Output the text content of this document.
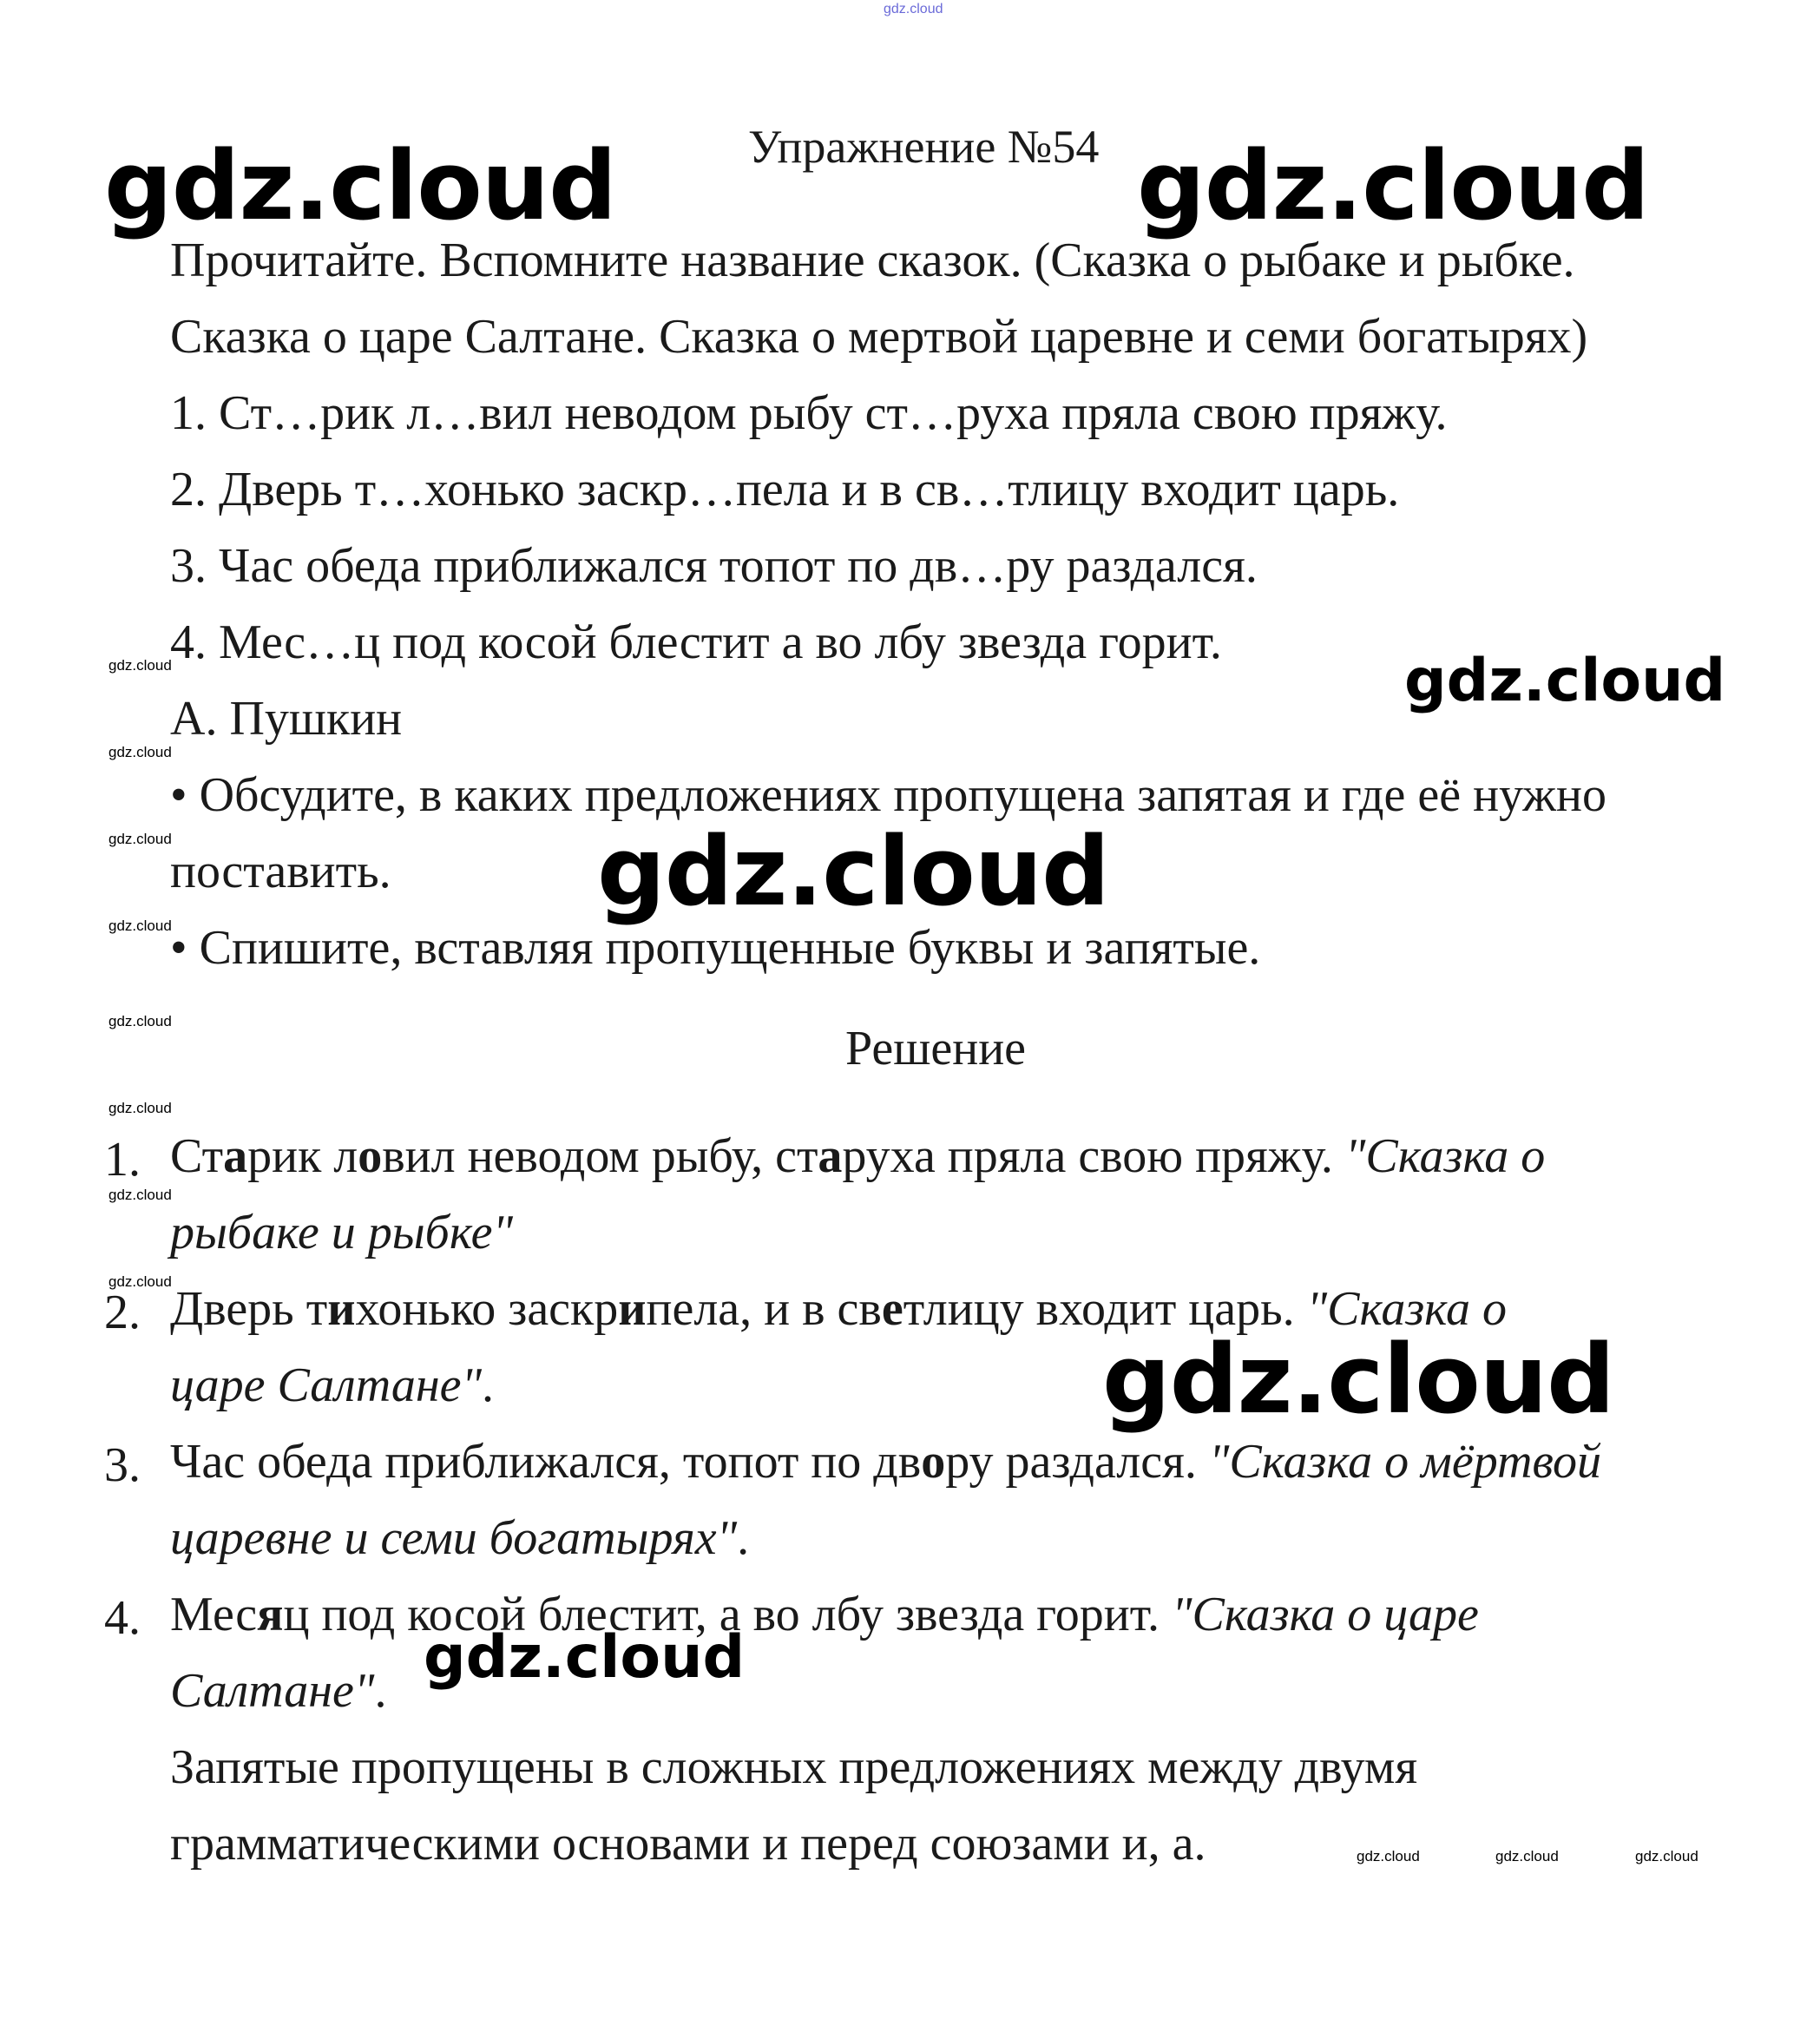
gdz.cloud
gdz.cloud	gdz.cloud
gdz.cloud
gdz.cloud
gdz.cloud
gdz.cloud
gdz.cloud
gdz.cloud
gdz.cloud
gdz.cloud
gdz.cloud
gdz.cloud
gdz.cloud
gdz.cloud
gdz.cloud	gdz.cloud	gdz.cloud
Упражнение №54
Прочитайте. Вспомните название сказок. (Сказка о рыбаке и рыбке.
Сказка о царе Салтане. Сказка о мертвой царевне и семи богатырях)
1. Ст…рик л…вил неводом рыбу ст…руха пряла свою пряжу.
2. Дверь т…хонько заскр…пела и в св…тлицу входит царь.
3. Час обеда приближался топот по дв…ру раздался.
4. Мес…ц под косой блестит а во лбу звезда горит.
А. Пушкин
• Обсудите, в каких предложениях пропущена запятая и где её нужно
поставить.
• Спишите, вставляя пропущенные буквы и запятые.
Решение
1. Старик ловил неводом рыбу, старуха пряла свою пряжу. "Сказка о
рыбаке и рыбке"
2. Дверь тихонько заскрипела, и в светлицу входит царь. "Сказка о
царе Салтане".
3. Час обеда приближался, топот по двору раздался. "Сказка о мёртвой
царевне и семи богатырях".
4. Месяц под косой блестит, а во лбу звезда горит. "Сказка о царе
Салтане".
Запятые пропущены в сложных предложениях между двумя
грамматическими основами и перед союзами и, а.
